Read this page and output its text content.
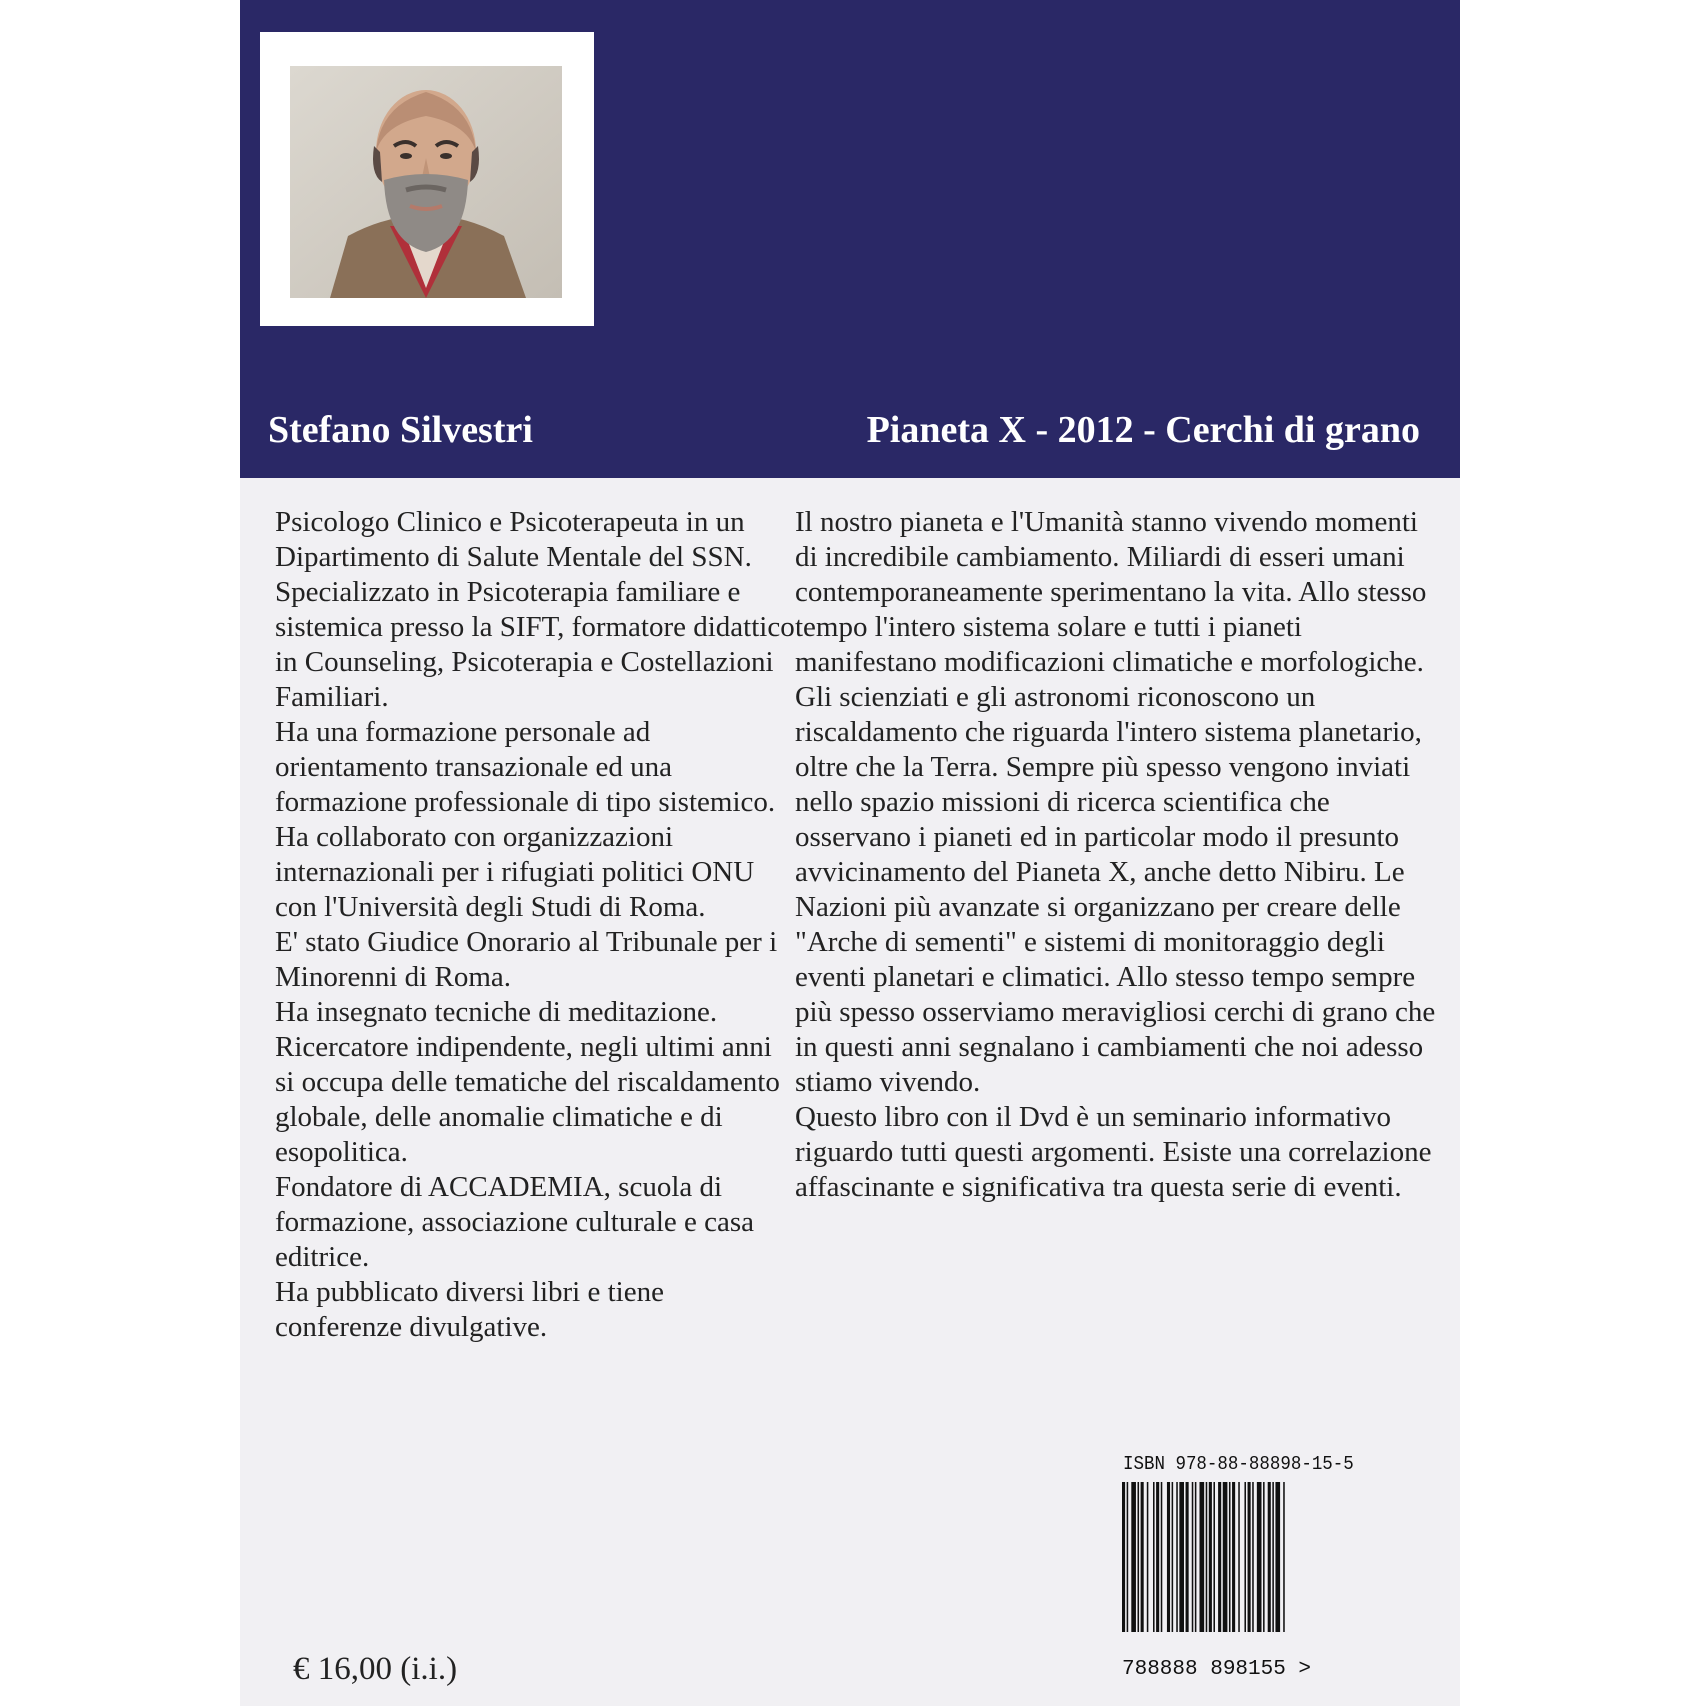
Stefano Silvestri	Pianeta X - 2012 - Cerchi di grano

Psicologo Clinico e Psicoterapeuta in un Dipartimento di Salute Mentale del SSN. Specializzato in Psicoterapia familiare e sistemica presso la SIFT, formatore didattico in Counseling, Psicoterapia e Costellazioni Familiari.

Ha una formazione personale ad orientamento transazionale ed una formazione professionale di tipo sistemico.

Ha collaborato con organizzazioni internazionali per i rifugiati politici ONU con l'Università degli Studi di Roma.

E' stato Giudice Onorario al Tribunale per i Minorenni di Roma.

Ha insegnato tecniche di meditazione.

Ricercatore indipendente, negli ultimi anni si occupa delle tematiche del riscaldamento globale, delle anomalie climatiche e di esopolitica.

Fondatore di ACCADEMIA, scuola di formazione, associazione culturale e casa editrice.

Ha pubblicato diversi libri e tiene conferenze divulgative.

Il nostro pianeta e l'Umanità stanno vivendo momenti di incredibile cambiamento. Miliardi di esseri umani contemporaneamente sperimentano la vita. Allo stesso tempo l'intero sistema solare e tutti i pianeti manifestano modificazioni climatiche e morfologiche. Gli scienziati e gli astronomi riconoscono un riscaldamento che riguarda l'intero sistema planetario, oltre che la Terra. Sempre più spesso vengono inviati nello spazio missioni di ricerca scientifica che osservano i pianeti ed in particolar modo il presunto avvicinamento del Pianeta X, anche detto Nibiru. Le Nazioni più avanzate si organizzano per creare delle "Arche di sementi" e sistemi di monitoraggio degli eventi planetari e climatici. Allo stesso tempo sempre più spesso osserviamo meravigliosi cerchi di grano che in questi anni segnalano i cambiamenti che noi adesso stiamo vivendo.

Questo libro con il Dvd è un seminario informativo riguardo tutti questi argomenti. Esiste una correlazione affascinante e significativa tra questa serie di eventi.

ISBN 978-88-88898-15-5

788888 898155 >

€ 16,00 (i.i.)
